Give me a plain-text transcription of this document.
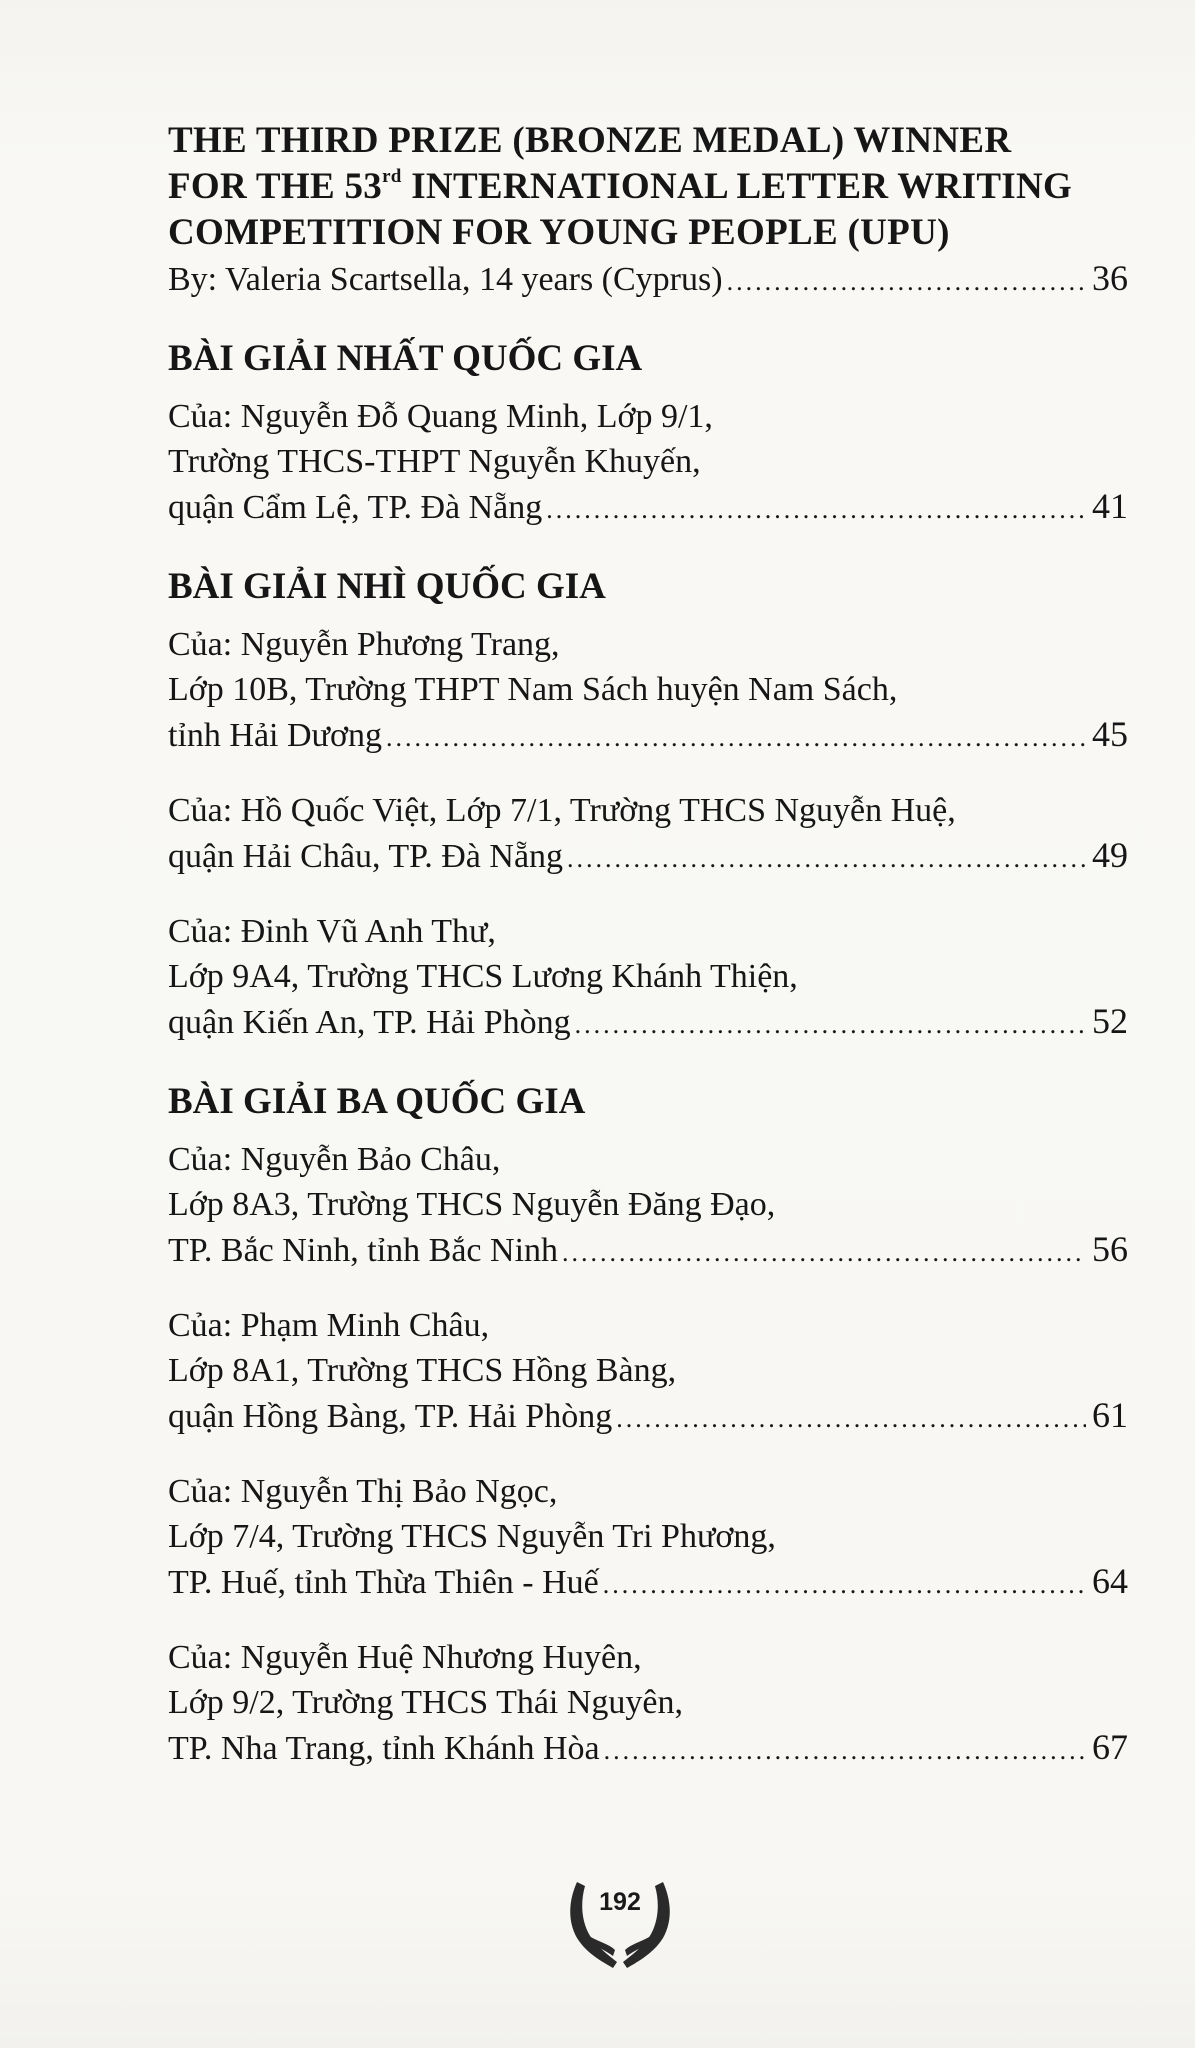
THE THIRD PRIZE (BRONZE MEDAL) WINNER

FOR THE 53rd INTERNATIONAL LETTER WRITING

COMPETITION FOR YOUNG PEOPLE (UPU)

By: Valeria Scartsella, 14 years (Cyprus) .....	36

BÀI GIẢI NHẤT QUỐC GIA

Của: Nguyễn Đỗ Quang Minh, Lớp 9/1,
Trường THCS-THPT Nguyễn Khuyến,
quận Cẩm Lệ, TP. Đà Nẵng .....	41

BÀI GIẢI NHÌ QUỐC GIA

Của: Nguyễn Phương Trang,
Lớp 10B, Trường THPT Nam Sách huyện Nam Sách,
tỉnh Hải Dương .....	45
Của: Hồ Quốc Việt, Lớp 7/1, Trường THCS Nguyễn Huệ,
quận Hải Châu, TP. Đà Nẵng .....	49
Của: Đinh Vũ Anh Thư,
Lớp 9A4, Trường THCS Lương Khánh Thiện,
quận Kiến An, TP. Hải Phòng .....	52

BÀI GIẢI BA QUỐC GIA

Của: Nguyễn Bảo Châu,
Lớp 8A3, Trường THCS Nguyễn Đăng Đạo,
TP. Bắc Ninh, tỉnh Bắc Ninh .....	56
Của: Phạm Minh Châu,
Lớp 8A1, Trường THCS Hồng Bàng,
quận Hồng Bàng, TP. Hải Phòng .....	61
Của: Nguyễn Thị Bảo Ngọc,
Lớp 7/4, Trường THCS Nguyễn Tri Phương,
TP. Huế, tỉnh Thừa Thiên - Huế .....	64
Của: Nguyễn Huệ Nhương Huyên,
Lớp 9/2, Trường THCS Thái Nguyên,
TP. Nha Trang, tỉnh Khánh Hòa .....	67
192
